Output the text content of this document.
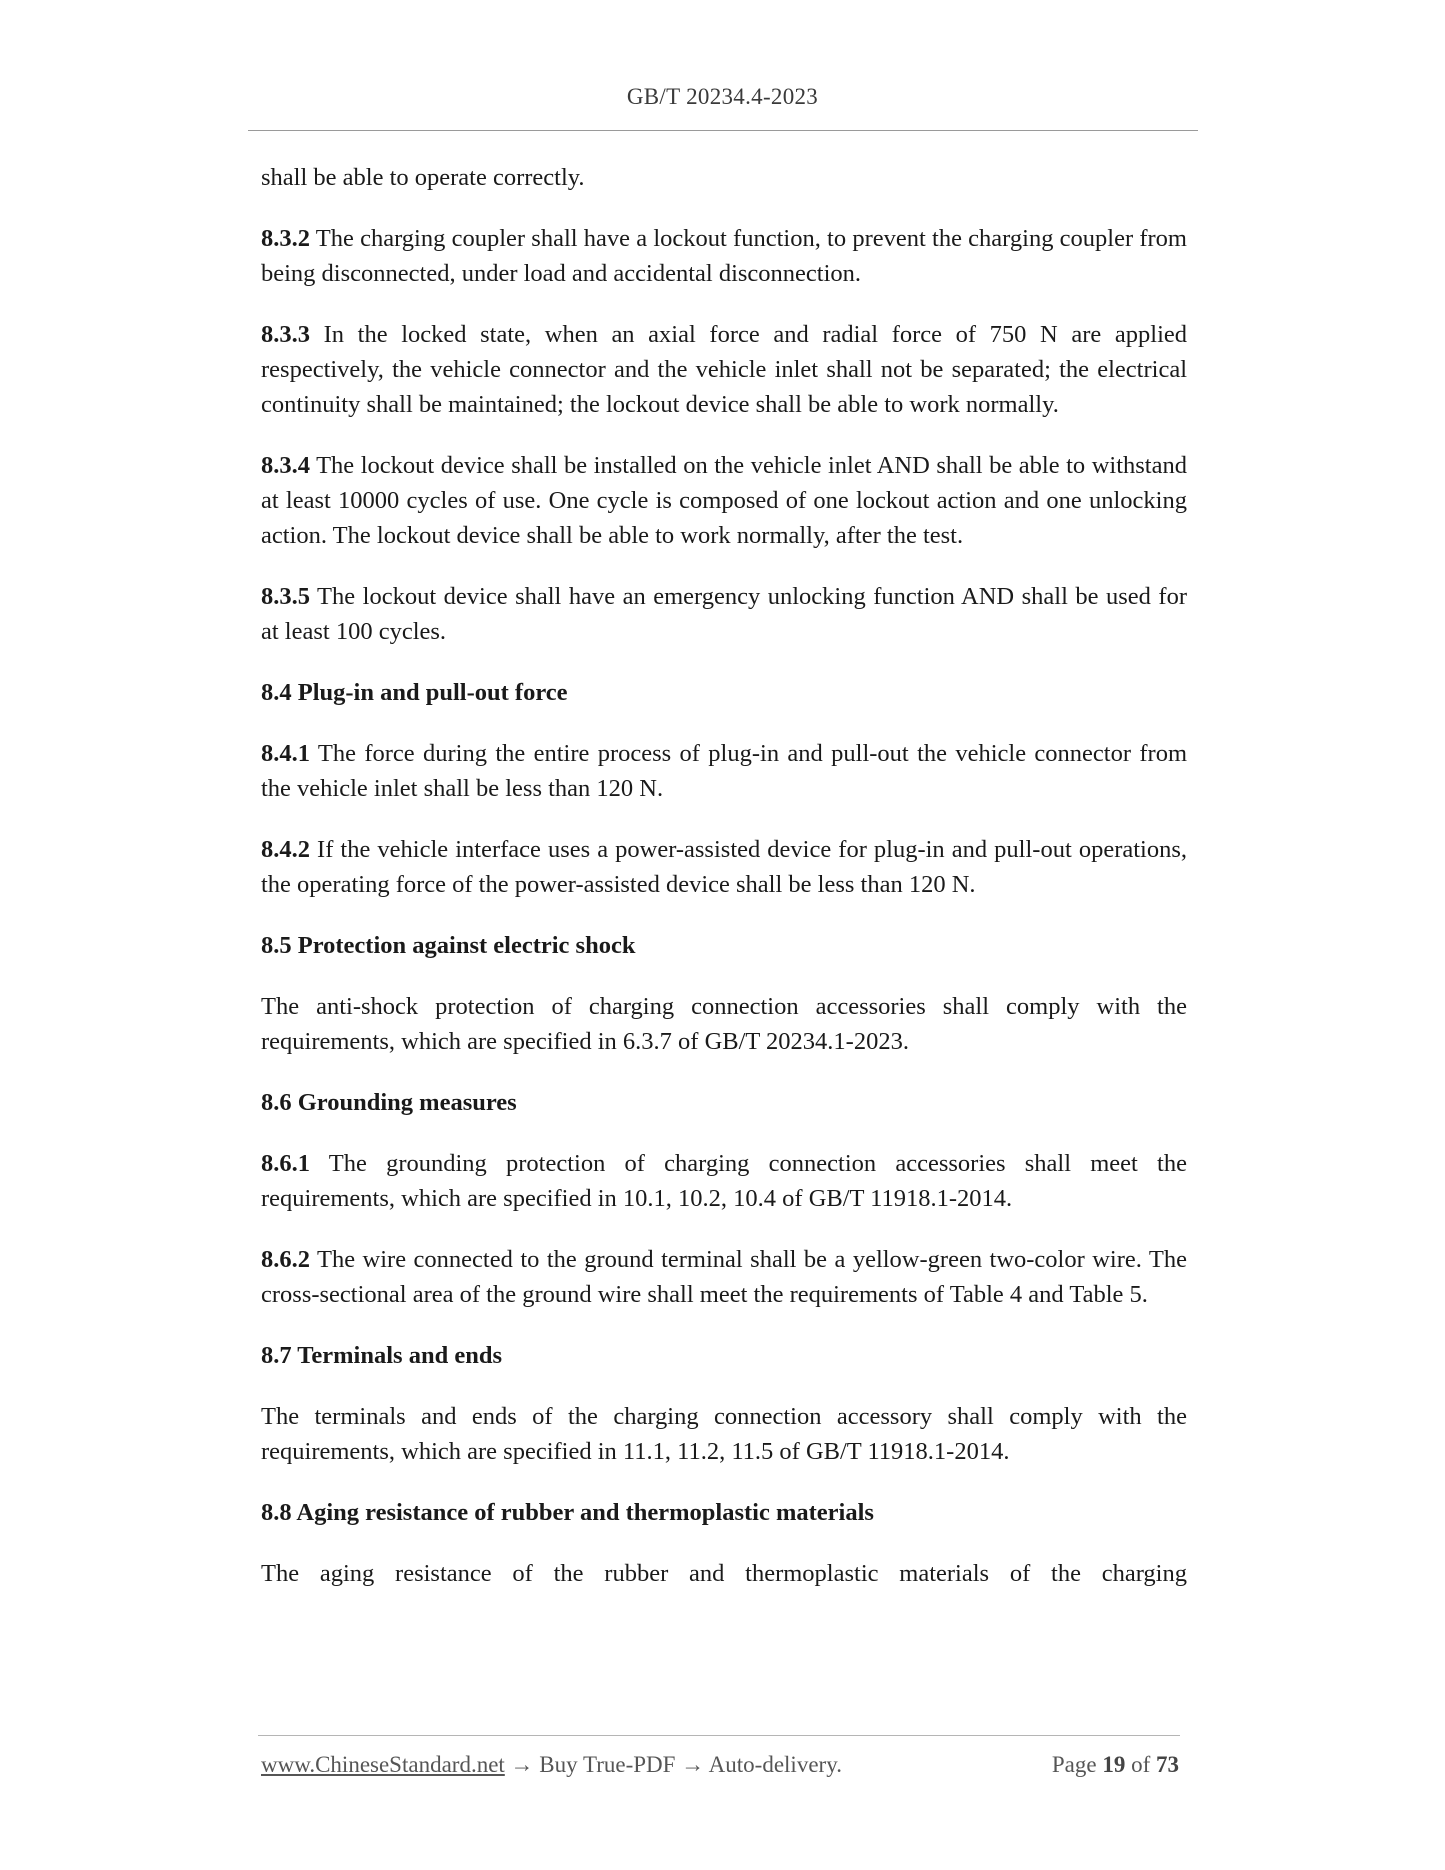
GB/T 20234.4-2023

shall be able to operate correctly.

8.3.2 The charging coupler shall have a lockout function, to prevent the charging coupler from being disconnected, under load and accidental disconnection.

8.3.3 In the locked state, when an axial force and radial force of 750 N are applied respectively, the vehicle connector and the vehicle inlet shall not be separated; the electrical continuity shall be maintained; the lockout device shall be able to work normally.

8.3.4 The lockout device shall be installed on the vehicle inlet AND shall be able to withstand at least 10000 cycles of use. One cycle is composed of one lockout action and one unlocking action. The lockout device shall be able to work normally, after the test.

8.3.5 The lockout device shall have an emergency unlocking function AND shall be used for at least 100 cycles.

8.4 Plug-in and pull-out force

8.4.1 The force during the entire process of plug-in and pull-out the vehicle connector from the vehicle inlet shall be less than 120 N.

8.4.2 If the vehicle interface uses a power-assisted device for plug-in and pull-out operations, the operating force of the power-assisted device shall be less than 120 N.

8.5 Protection against electric shock

The anti-shock protection of charging connection accessories shall comply with the requirements, which are specified in 6.3.7 of GB/T 20234.1-2023.

8.6 Grounding measures

8.6.1 The grounding protection of charging connection accessories shall meet the requirements, which are specified in 10.1, 10.2, 10.4 of GB/T 11918.1-2014.

8.6.2 The wire connected to the ground terminal shall be a yellow-green two-color wire. The cross-sectional area of the ground wire shall meet the requirements of Table 4 and Table 5.

8.7 Terminals and ends

The terminals and ends of the charging connection accessory shall comply with the requirements, which are specified in 11.1, 11.2, 11.5 of GB/T 11918.1-2014.

8.8 Aging resistance of rubber and thermoplastic materials

The aging resistance of the rubber and thermoplastic materials of the charging

www.ChineseStandard.net → Buy True-PDF → Auto-delivery.	Page 19 of 73
